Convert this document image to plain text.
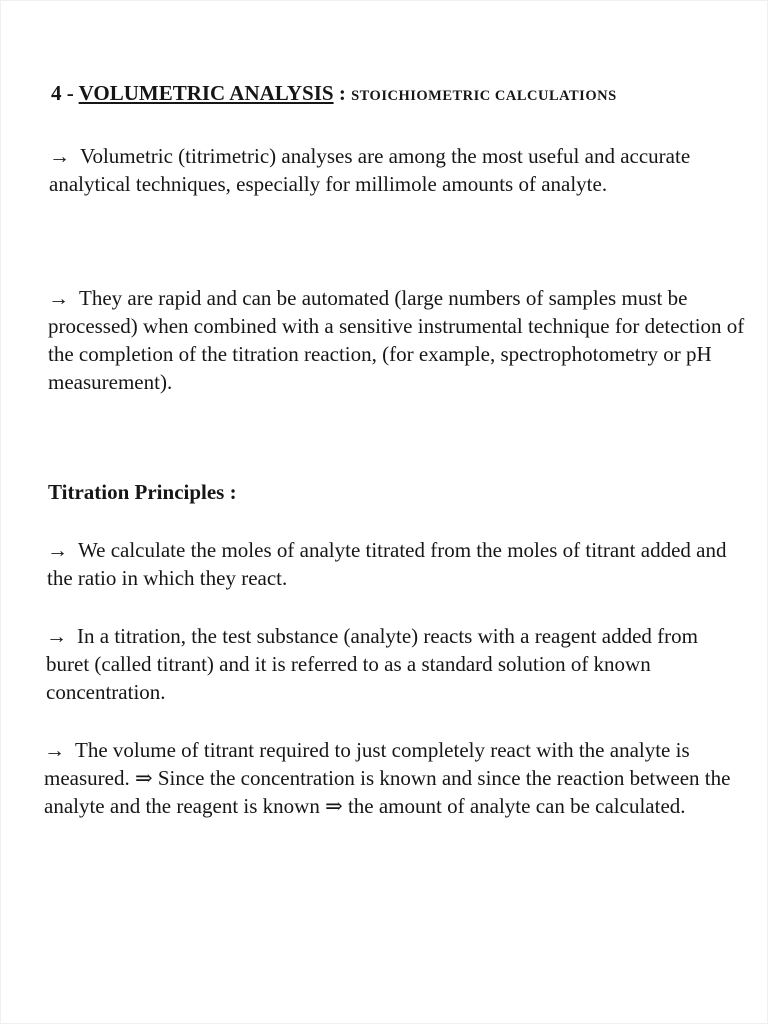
4 - VOLUMETRIC ANALYSIS : STOICHIOMETRIC CALCULATIONS
→ Volumetric (titrimetric) analyses are among the most useful and accurate analytical techniques, especially for millimole amounts of analyte.
→ They are rapid and can be automated (large numbers of samples must be processed) when combined with a sensitive instrumental technique for detection of the completion of the titration reaction, (for example, spectrophotometry or pH measurement).
Titration Principles :
→ We calculate the moles of analyte titrated from the moles of titrant added and the ratio in which they react.
→ In a titration, the test substance (analyte) reacts with a reagent added from buret (called titrant) and it is referred to as a standard solution of known concentration.
→ The volume of titrant required to just completely react with the analyte is measured. ⇒ Since the concentration is known and since the reaction between the analyte and the reagent is known ⇒ the amount of analyte can be calculated.
